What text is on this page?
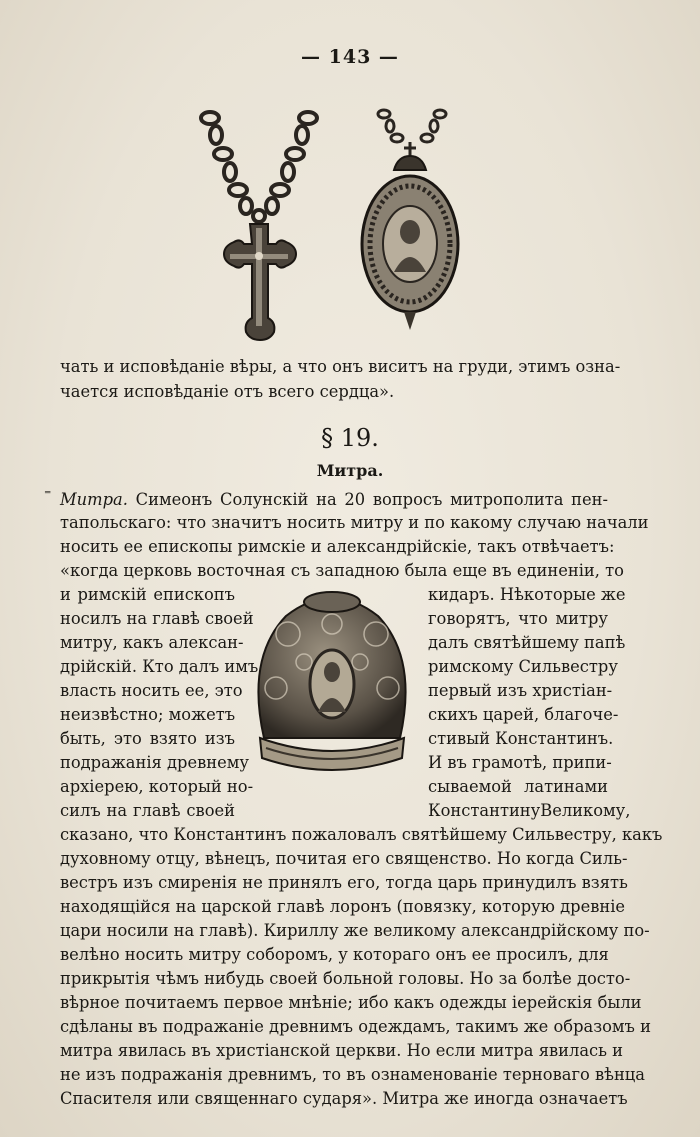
— 143 —
чать и исповѣданіе вѣры, а что онъ виситъ на груди, этимъ озна-
чается исповѣданіе отъ всего сердца».
§ 19.
Митра.
⁼ Митра. Симеонъ Солунскій на 20 вопросъ митрополита пен-
тапольскаго: что значитъ носить митру и по какому случаю начали
носить ее епископы римскіе и александрійскіе, такъ отвѣчаетъ:
«когда церковь восточная съ западною была еще въ единеніи, то
и римскій епископъ
носилъ на главѣ своей
митру, какъ алексан-
дрійскій. Кто далъ имъ
власть носить ее, это
неизвѣстно; можетъ
быть, это взято изъ
подражанія древнему
архіерею, который но-
силъ на главѣ своей
кидаръ. Нѣкоторые же
говорятъ, что митру
далъ святѣйшему папѣ
римскому Сильвестру
первый изъ христіан-
скихъ царей, благоче-
стивый Константинъ.
И въ грамотѣ, припи-
сываемой латинами
КонстантинуВеликому,
сказано, что Константинъ пожаловалъ святѣйшему Сильвестру, какъ
духовному отцу, вѣнецъ, почитая его священство. Но когда Силь-
вестръ изъ смиренія не принялъ его, тогда царь принудилъ взять
находящійся на царской главѣ лоронъ (повязку, которую древніе
цари носили на главѣ). Кириллу же великому александрійскому по-
велѣно носить митру соборомъ, у котораго онъ ее просилъ, для
прикрытія чѣмъ нибудь своей больной головы. Но за болѣе досто-
вѣрное почитаемъ первое мнѣніе; ибо какъ одежды іерейскія были
сдѣланы въ подражаніе древнимъ одеждамъ, такимъ же образомъ и
митра явилась въ христіанской церкви. Но если митра явилась и
не изъ подражанія древнимъ, то въ ознаменованіе терноваго вѣнца
Спасителя или священнаго сударя». Митра же иногда означаетъ
